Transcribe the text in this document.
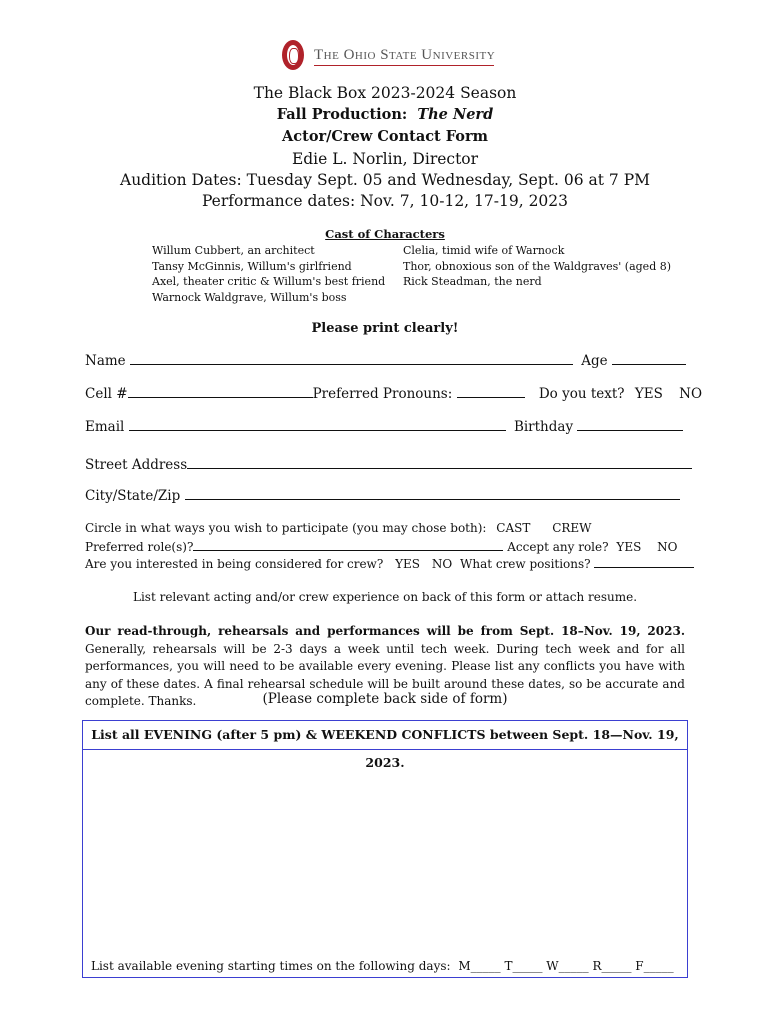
The Ohio State University
The Black Box 2023-2024 Season
Fall Production: The Nerd
Actor/Crew Contact Form
Edie L. Norlin, Director
Audition Dates: Tuesday Sept. 05 and Wednesday, Sept. 06 at 7 PM
Performance dates: Nov. 7, 10-12, 17-19, 2023
Cast of Characters
Willum Cubbert, an architect
Tansy McGinnis, Willum's girlfriend
Axel, theater critic & Willum's best friend
Warnock Waldgrave, Willum's boss
Clelia, timid wife of Warnock
Thor, obnoxious son of the Waldgraves' (aged 8)
Rick Steadman, the nerd
Please print clearly!
Name	Age
Cell #	Preferred Pronouns:	Do you text? YES NO
Email	Birthday
Street Address
City/State/Zip
Circle in what ways you wish to participate (you may chose both): CAST CREW
Preferred role(s)?	Accept any role? YES NO
Are you interested in being considered for crew? YES NO What crew positions?
List relevant acting and/or crew experience on back of this form or attach resume.
Our read-through, rehearsals and performances will be from Sept. 18–Nov. 19, 2023. Generally, rehearsals will be 2-3 days a week until tech week. During tech week and for all performances, you will need to be available every evening. Please list any conflicts you have with any of these dates. A final rehearsal schedule will be built around these dates, so be accurate and complete. Thanks.	(Please complete back side of form)
List all EVENING (after 5 pm) & WEEKEND CONFLICTS between Sept. 18—Nov. 19, 2023.
List available evening starting times on the following days: M_____ T_____ W_____ R_____ F_____
